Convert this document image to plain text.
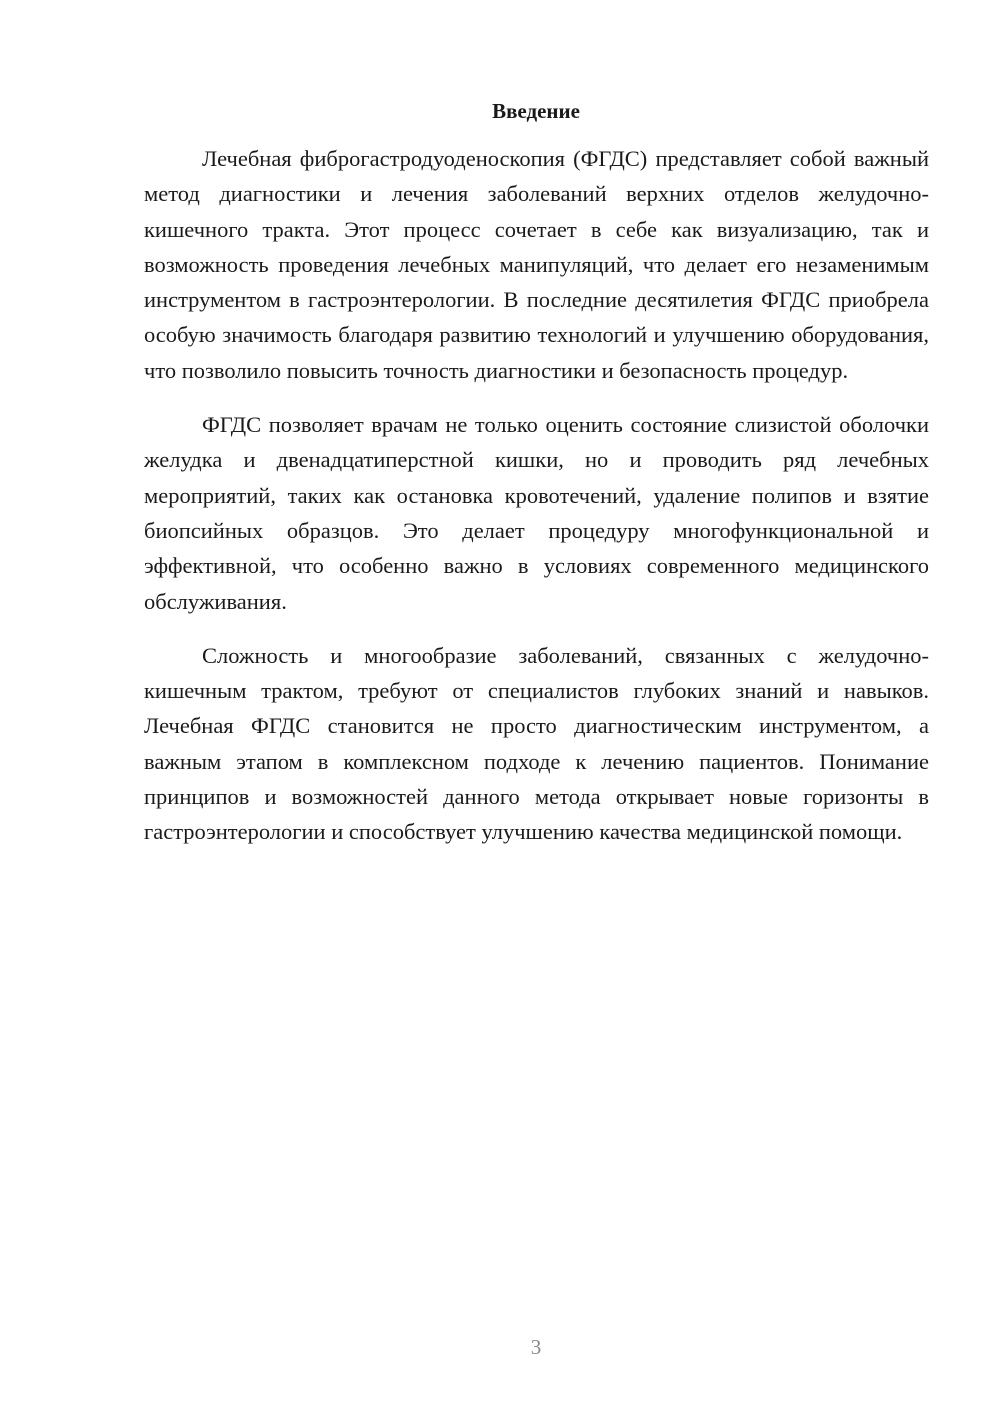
Введение

Лечебная фиброгастродуоденоскопия (ФГДС) представляет собой важный метод диагностики и лечения заболеваний верхних отделов желудочно-кишечного тракта. Этот процесс сочетает в себе как визуализацию, так и возможность проведения лечебных манипуляций, что делает его незаменимым инструментом в гастроэнтерологии. В последние десятилетия ФГДС приобрела особую значимость благодаря развитию технологий и улучшению оборудования, что позволило повысить точность диагностики и безопасность процедур.

ФГДС позволяет врачам не только оценить состояние слизистой оболочки желудка и двенадцатиперстной кишки, но и проводить ряд лечебных мероприятий, таких как остановка кровотечений, удаление полипов и взятие биопсийных образцов. Это делает процедуру многофункциональной и эффективной, что особенно важно в условиях современного медицинского обслуживания.

Сложность и многообразие заболеваний, связанных с желудочно-кишечным трактом, требуют от специалистов глубоких знаний и навыков. Лечебная ФГДС становится не просто диагностическим инструментом, а важным этапом в комплексном подходе к лечению пациентов. Понимание принципов и возможностей данного метода открывает новые горизонты в гастроэнтерологии и способствует улучшению качества медицинской помощи.

3
